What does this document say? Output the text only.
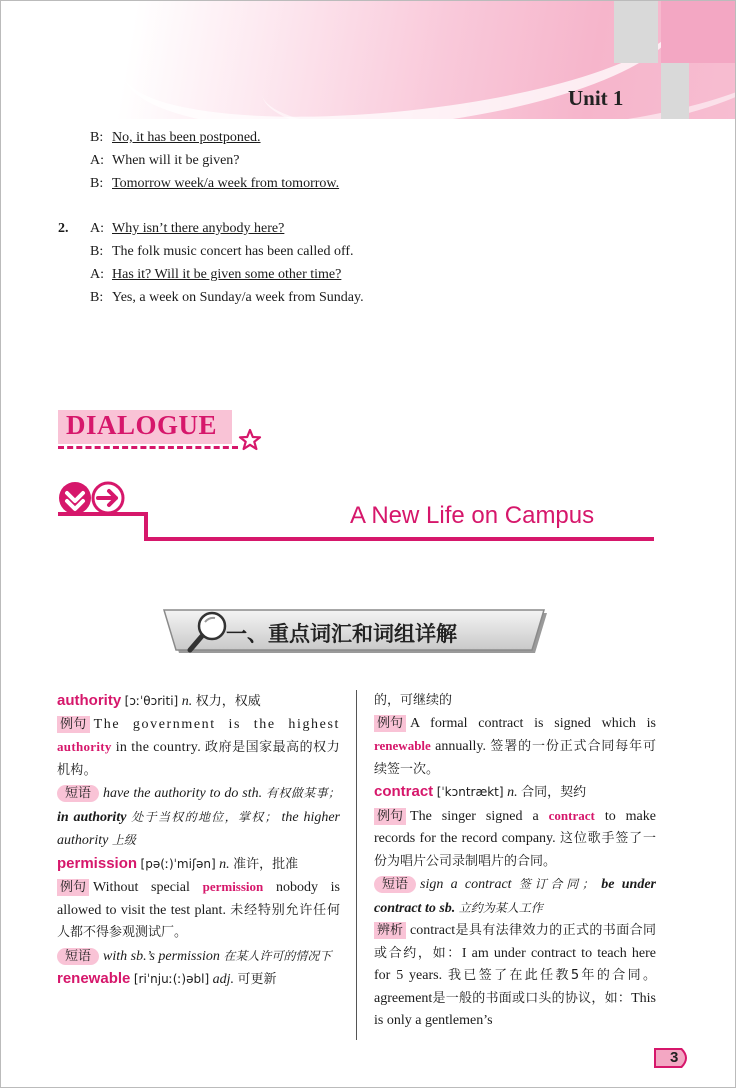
Unit 1
B: No, it has been postponed.
A: When will it be given?
B: Tomorrow week/a week from tomorrow.
2. A: Why isn’t there anybody here?
B: The folk music concert has been called off.
A: Has it? Will it be given some other time?
B: Yes, a week on Sunday/a week from Sunday.
DIALOGUE
A New Life on Campus
一、重点词汇和词组详解

authority [ɔːˈθɔriti] n. 权力，权威

例句 The government is the highest authority in the country. 政府是国家最高的权力机构。

短语 have the authority to do sth. 有权做某事； in authority 处于当权的地位，掌权； the higher authority 上级

permission [pə(ː)ˈmiʃən] n. 准许，批准

例句 Without special permission nobody is allowed to visit the test plant. 未经特别允许任何人都不得参观测试厂。

短语 with sb.’s permission 在某人许可的情况下

renewable [riˈnjuː(ː)əbl] adj. 可更新

的，可继续的

例句 A formal contract is signed which is renewable annually. 签署的一份正式合同每年可续签一次。

contract [ˈkɔntrækt] n. 合同，契约

例句 The singer signed a contract to make records for the record company. 这位歌手签了一份为唱片公司录制唱片的合同。

短语 sign a contract 签订合同； be under contract to sb. 立约为某人工作

辨析 contract是具有法律效力的正式的书面合同或合约，如：I am under contract to teach here for 5 years. 我已签了在此任教5年的合同。 agreement是一般的书面或口头的协议，如：This is only a gentlemen’s

3
